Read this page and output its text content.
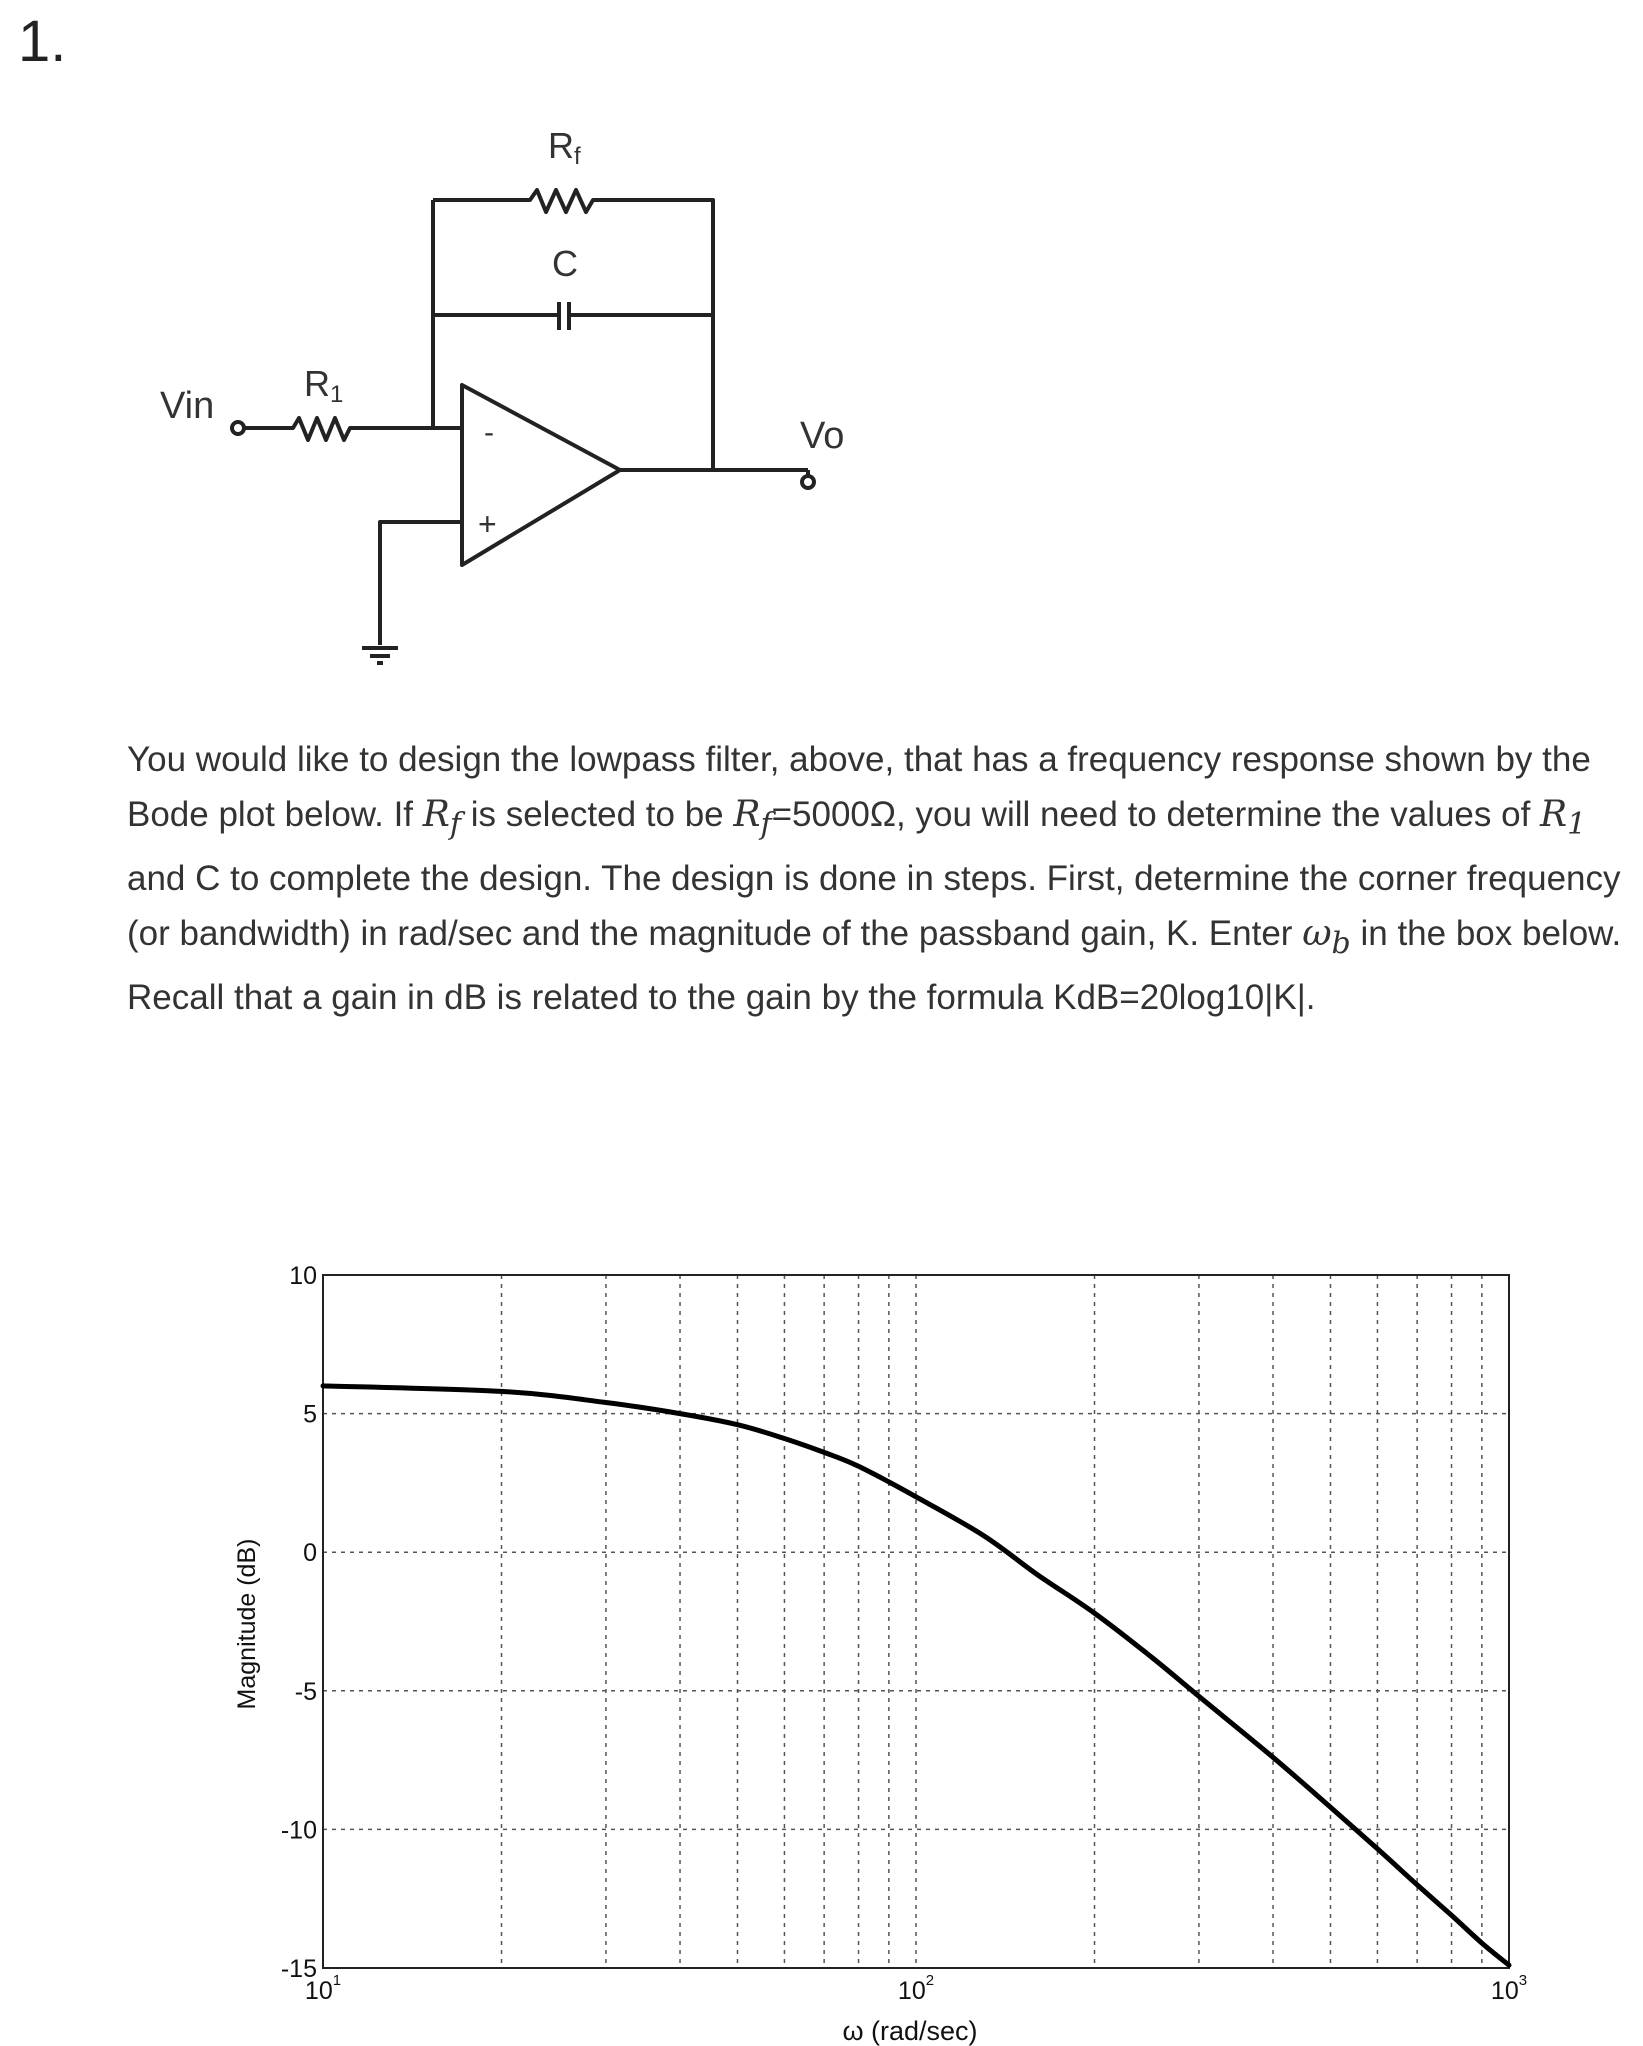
1.
Rf
C
R1
Vin
Vo
-
+
You would like to design the lowpass filter, above, that has a frequency response shown by the Bode plot below. If $R_f$ is selected to be $R_f=5000\Omega$, you will need to determine the values of $R_1$ and C to complete the design. The design is done in steps. First, determine the corner frequency (or bandwidth) in rad/sec and the magnitude of the passband gain, K. Enter $\omega_b$ in the box below. Recall that a gain in dB is related to the gain by the formula KdB=20log10|K|.
10
5
0
-5
-10
-15
$10^1$	$10^2$	$10^3$
Magnitude (dB)
ω (rad/sec)
